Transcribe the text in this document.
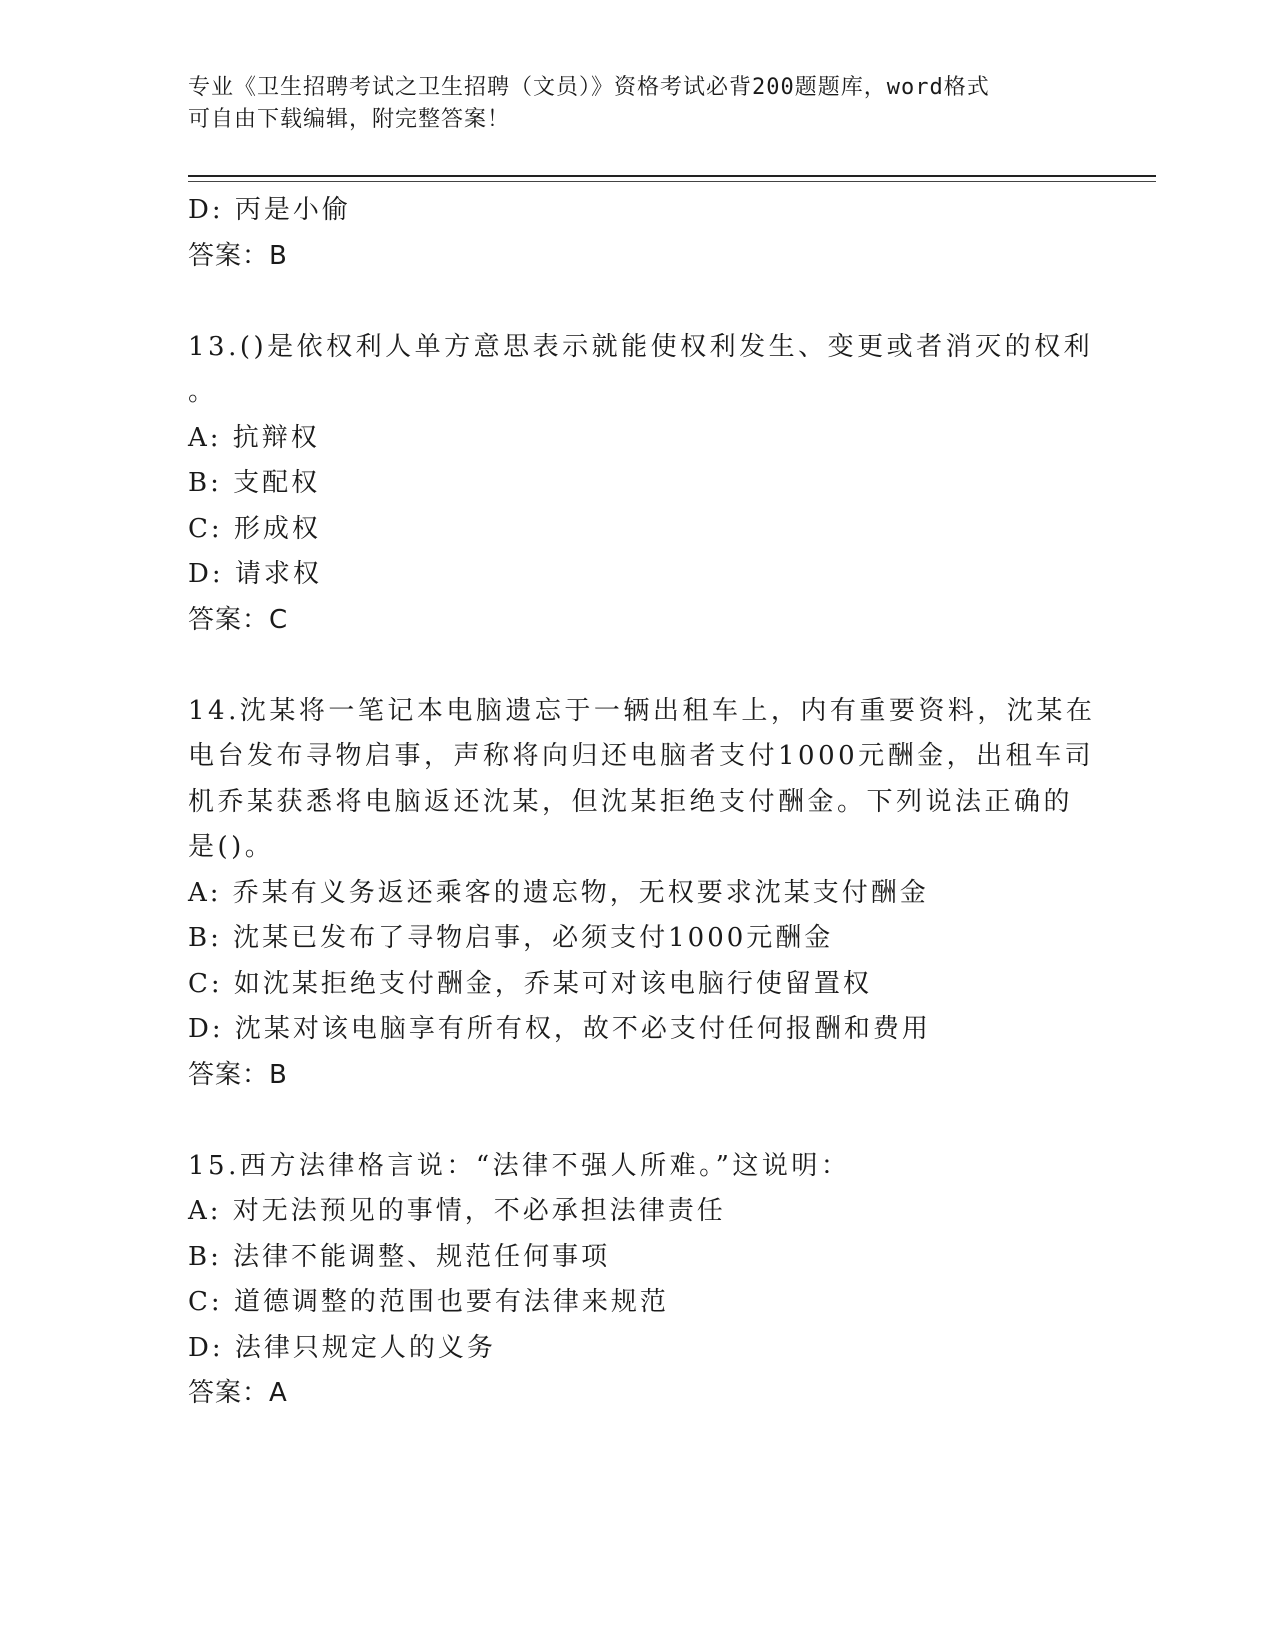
专业《卫生招聘考试之卫生招聘（文员）》资格考试必背200题题库，word格式
可自由下载编辑，附完整答案！
D: 丙是小偷
答案：B
13.()是依权利人单方意思表示就能使权利发生、变更或者消灭的权利
。
A: 抗辩权
B: 支配权
C: 形成权
D: 请求权
答案：C
14.沈某将一笔记本电脑遗忘于一辆出租车上，内有重要资料，沈某在
电台发布寻物启事，声称将向归还电脑者支付1000元酬金，出租车司
机乔某获悉将电脑返还沈某，但沈某拒绝支付酬金。下列说法正确的
是()。
A: 乔某有义务返还乘客的遗忘物，无权要求沈某支付酬金
B: 沈某已发布了寻物启事，必须支付1000元酬金
C: 如沈某拒绝支付酬金，乔某可对该电脑行使留置权
D: 沈某对该电脑享有所有权，故不必支付任何报酬和费用
答案：B
15.西方法律格言说：“法律不强人所难。”这说明：
A: 对无法预见的事情，不必承担法律责任
B: 法律不能调整、规范任何事项
C: 道德调整的范围也要有法律来规范
D: 法律只规定人的义务
答案：A
